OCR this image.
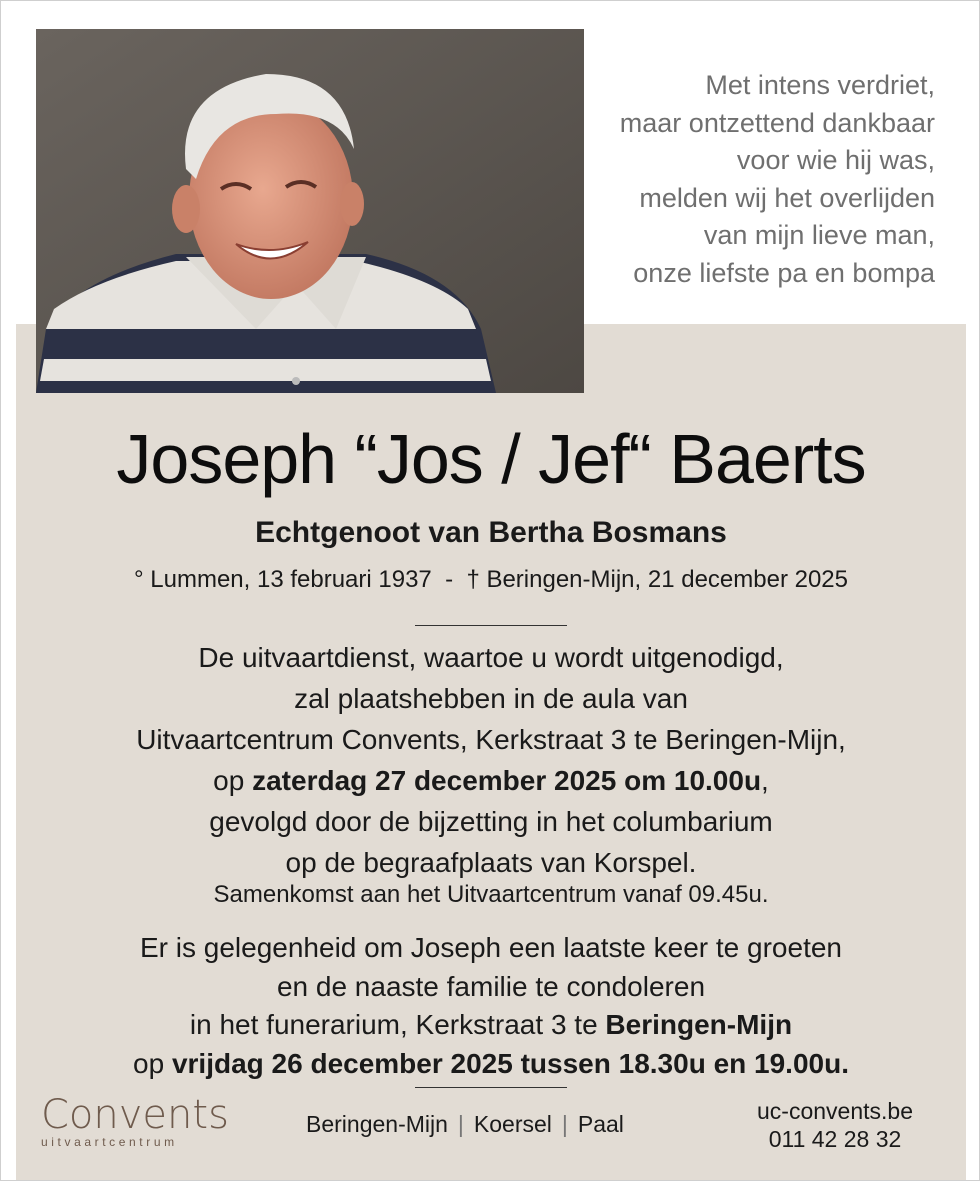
Met intens verdriet,
maar ontzettend dankbaar
voor wie hij was,
melden wij het overlijden
van mijn lieve man,
onze liefste pa en bompa
Joseph “Jos / Jef“ Baerts
Echtgenoot van Bertha Bosmans
° Lummen, 13 februari 1937  -  † Beringen-Mijn, 21 december 2025
De uitvaartdienst, waartoe u wordt uitgenodigd,
zal plaatshebben in de aula van
Uitvaartcentrum Convents, Kerkstraat 3 te Beringen-Mijn,
op zaterdag 27 december 2025 om 10.00u,
gevolgd door de bijzetting in het columbarium
op de begraafplaats van Korspel.
Samenkomst aan het Uitvaartcentrum vanaf 09.45u.
Er is gelegenheid om Joseph een laatste keer te groeten
en de naaste familie te condoleren
in het funerarium, Kerkstraat 3 te Beringen-Mijn
op vrijdag 26 december 2025 tussen 18.30u en 19.00u.
Convents
uitvaartcentrum
Beringen-Mijn | Koersel | Paal	uc-convents.be
011 42 28 32
